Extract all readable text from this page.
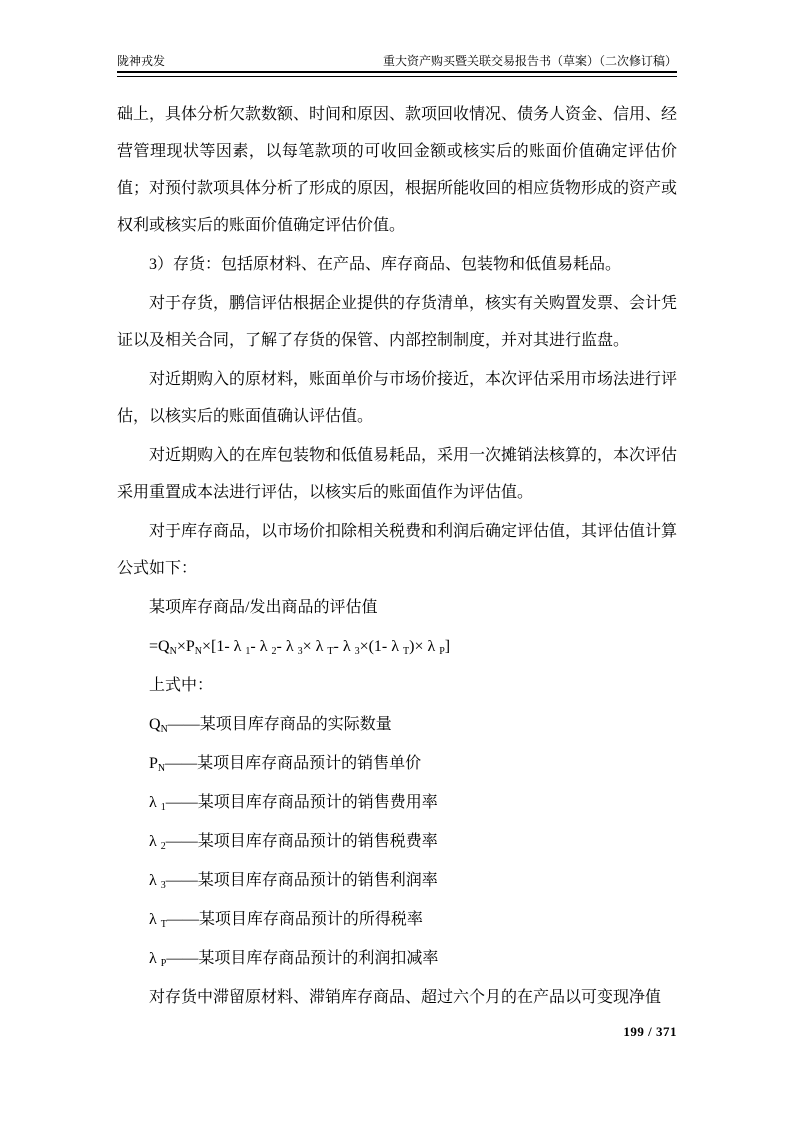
陇神戎发	重大资产购买暨关联交易报告书（草案）（二次修订稿）

础上，具体分析欠款数额、时间和原因、款项回收情况、债务人资金、信用、经营管理现状等因素，以每笔款项的可收回金额或核实后的账面价值确定评估价值；对预付款项具体分析了形成的原因，根据所能收回的相应货物形成的资产或权利或核实后的账面价值确定评估价值。

3）存货：包括原材料、在产品、库存商品、包装物和低值易耗品。

对于存货，鹏信评估根据企业提供的存货清单，核实有关购置发票、会计凭证以及相关合同，了解了存货的保管、内部控制制度，并对其进行监盘。

对近期购入的原材料，账面单价与市场价接近，本次评估采用市场法进行评估，以核实后的账面值确认评估值。

对近期购入的在库包装物和低值易耗品，采用一次摊销法核算的，本次评估采用重置成本法进行评估，以核实后的账面值作为评估值。

对于库存商品，以市场价扣除相关税费和利润后确定评估值，其评估值计算公式如下：

某项库存商品/发出商品的评估值

$=Q_N\times P_N\times[1-$ λ $_1$- λ $_2$- λ $_3$× λ $_T$- λ $_3$×(1- λ $_T$)× λ $_P$]

上式中：

$Q_N——$某项目库存商品的实际数量

$P_N——$某项目库存商品预计的销售单价

λ $_1$——某项目库存商品预计的销售费用率

λ $_2$——某项目库存商品预计的销售税费率

λ $_3$——某项目库存商品预计的销售利润率

λ $_T$——某项目库存商品预计的所得税率

λ $_P$——某项目库存商品预计的利润扣减率

对存货中滞留原材料、滞销库存商品、超过六个月的在产品以可变现净值

199 / 371
